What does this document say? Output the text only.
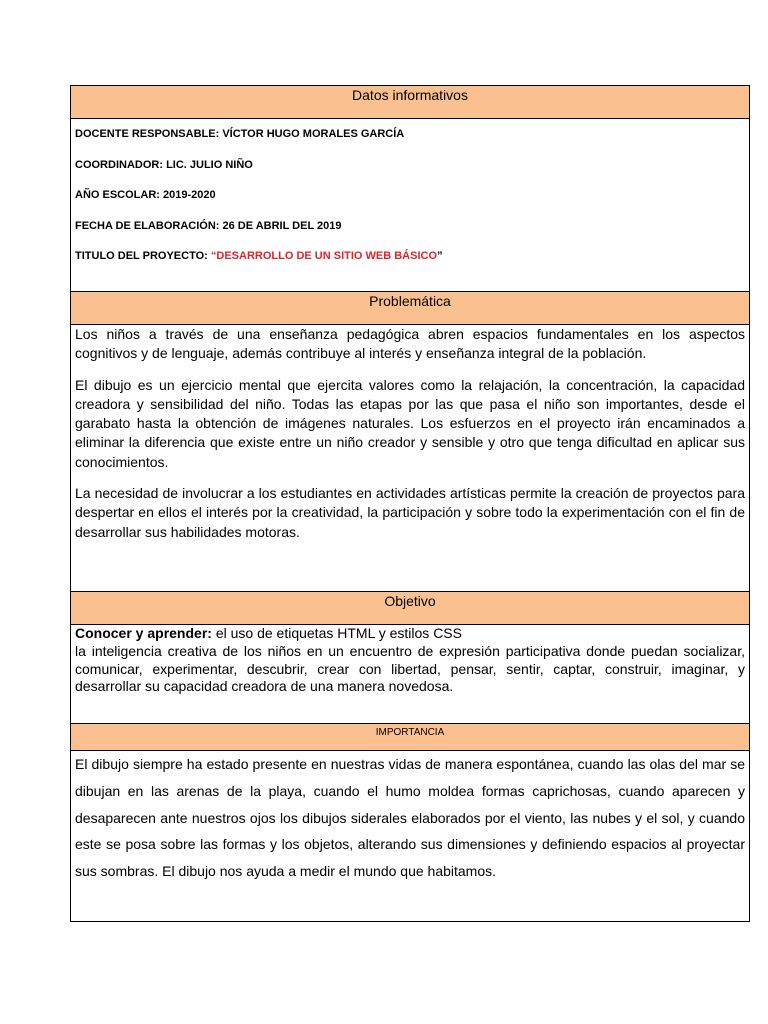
Datos informativos

DOCENTE RESPONSABLE: VÍCTOR HUGO MORALES GARCÍA

COORDINADOR: LIC. JULIO NIÑO

AÑO ESCOLAR: 2019-2020

FECHA DE ELABORACIÓN: 26 DE ABRIL DEL 2019

TITULO DEL PROYECTO: “DESARROLLO DE UN SITIO WEB BÁSICO”

Problemática

Los niños a través de una enseñanza pedagógica abren espacios fundamentales en los aspectos cognitivos y de lenguaje, además contribuye al interés y enseñanza integral de la población.

El dibujo es un ejercicio mental que ejercita valores como la relajación, la concentración, la capacidad creadora y sensibilidad del niño. Todas las etapas por las que pasa el niño son importantes, desde el garabato hasta la obtención de imágenes naturales. Los esfuerzos en el proyecto irán encaminados a eliminar la diferencia que existe entre un niño creador y sensible y otro que tenga dificultad en aplicar sus conocimientos.

La necesidad de involucrar a los estudiantes en actividades artísticas permite la creación de proyectos para despertar en ellos el interés por la creatividad, la participación y sobre todo la experimentación con el fin de desarrollar sus habilidades motoras.

Objetivo

Conocer y aprender: el uso de etiquetas HTML y estilos CSS

la inteligencia creativa de los niños en un encuentro de expresión participativa donde puedan socializar, comunicar, experimentar, descubrir, crear con libertad, pensar, sentir, captar, construir, imaginar, y desarrollar su capacidad creadora de una manera novedosa.

IMPORTANCIA

El dibujo siempre ha estado presente en nuestras vidas de manera espontánea, cuando las olas del mar se dibujan en las arenas de la playa, cuando el humo moldea formas caprichosas, cuando aparecen y desaparecen ante nuestros ojos los dibujos siderales elaborados por el viento, las nubes y el sol, y cuando este se posa sobre las formas y los objetos, alterando sus dimensiones y definiendo espacios al proyectar sus sombras. El dibujo nos ayuda a medir el mundo que habitamos.
